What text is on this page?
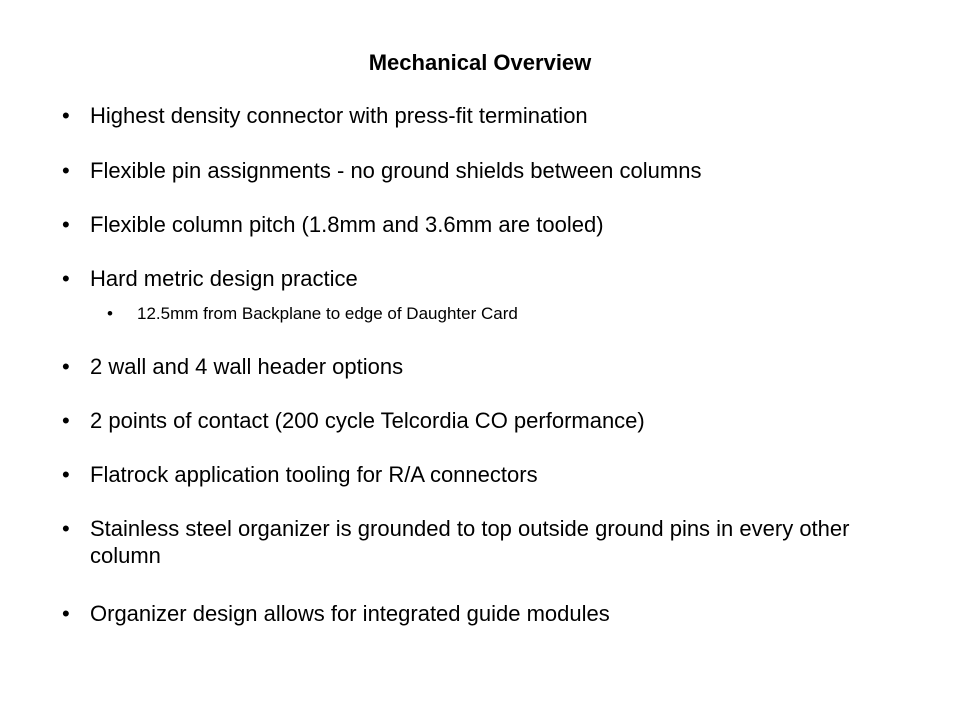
Mechanical Overview
• Highest density connector with press-fit termination
• Flexible pin assignments - no ground shields between columns
• Flexible column pitch (1.8mm and 3.6mm are tooled)
• Hard metric design practice
• 12.5mm from Backplane to edge of Daughter Card
• 2 wall and 4 wall header options
• 2 points of contact (200 cycle Telcordia CO performance)
• Flatrock application tooling for R/A connectors
• Stainless steel organizer is grounded to top outside ground pins in every other column
• Organizer design allows for integrated guide modules
